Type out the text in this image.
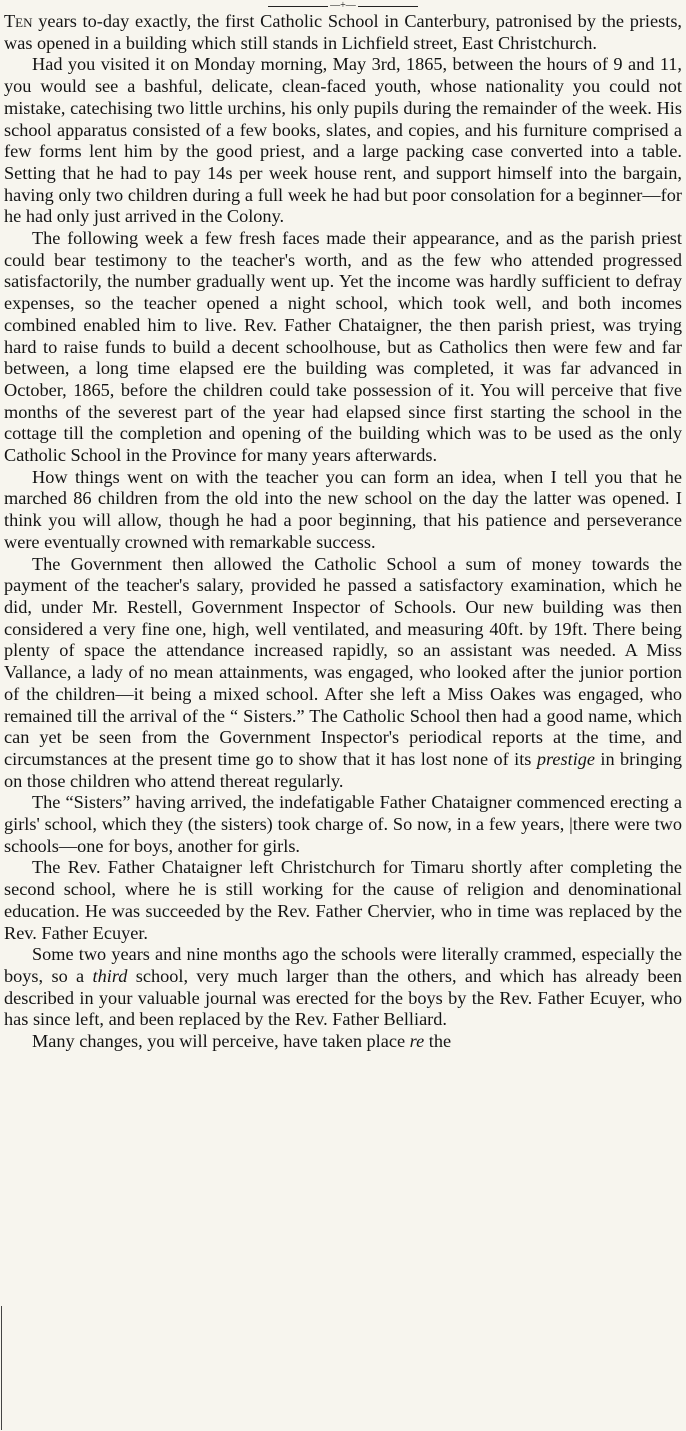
—+—

Ten years to-day exactly, the first Catholic School in Canterbury, patronised by the priests, was opened in a building which still stands in Lichfield street, East Christchurch.

Had you visited it on Monday morning, May 3rd, 1865, between the hours of 9 and 11, you would see a bashful, delicate, clean-faced youth, whose nationality you could not mistake, catechising two little urchins, his only pupils during the remainder of the week. His school apparatus consisted of a few books, slates, and copies, and his furniture comprised a few forms lent him by the good priest, and a large packing case converted into a table. Setting that he had to pay 14s per week house rent, and support himself into the bargain, having only two children during a full week he had but poor consolation for a beginner—for he had only just arrived in the Colony.

The following week a few fresh faces made their appearance, and as the parish priest could bear testimony to the teacher's worth, and as the few who attended progressed satisfactorily, the number gradually went up. Yet the income was hardly sufficient to defray expenses, so the teacher opened a night school, which took well, and both incomes combined enabled him to live. Rev. Father Chataigner, the then parish priest, was trying hard to raise funds to build a decent schoolhouse, but as Catholics then were few and far between, a long time elapsed ere the building was completed, it was far advanced in October, 1865, before the children could take possession of it. You will perceive that five months of the severest part of the year had elapsed since first starting the school in the cottage till the completion and opening of the building which was to be used as the only Catholic School in the Province for many years afterwards.

How things went on with the teacher you can form an idea, when I tell you that he marched 86 children from the old into the new school on the day the latter was opened. I think you will allow, though he had a poor beginning, that his patience and perseverance were eventually crowned with remarkable success.

The Government then allowed the Catholic School a sum of money towards the payment of the teacher's salary, provided he passed a satisfactory examination, which he did, under Mr. Restell, Government Inspector of Schools. Our new building was then considered a very fine one, high, well ventilated, and measuring 40ft. by 19ft. There being plenty of space the attendance increased rapidly, so an assistant was needed. A Miss Vallance, a lady of no mean attainments, was engaged, who looked after the junior portion of the children—it being a mixed school. After she left a Miss Oakes was engaged, who remained till the arrival of the “ Sisters.” The Catholic School then had a good name, which can yet be seen from the Government Inspector's periodical reports at the time, and circumstances at the present time go to show that it has lost none of its prestige in bringing on those children who attend thereat regularly.

The “Sisters” having arrived, the indefatigable Father Chataigner commenced erecting a girls' school, which they (the sisters) took charge of. So now, in a few years, |there were two schools—one for boys, another for girls.

The Rev. Father Chataigner left Christchurch for Timaru shortly after completing the second school, where he is still working for the cause of religion and denominational education. He was succeeded by the Rev. Father Chervier, who in time was replaced by the Rev. Father Ecuyer.

Some two years and nine months ago the schools were literally crammed, especially the boys, so a third school, very much larger than the others, and which has already been described in your valuable journal was erected for the boys by the Rev. Father Ecuyer, who has since left, and been replaced by the Rev. Father Belliard.

Many changes, you will perceive, have taken place re the
